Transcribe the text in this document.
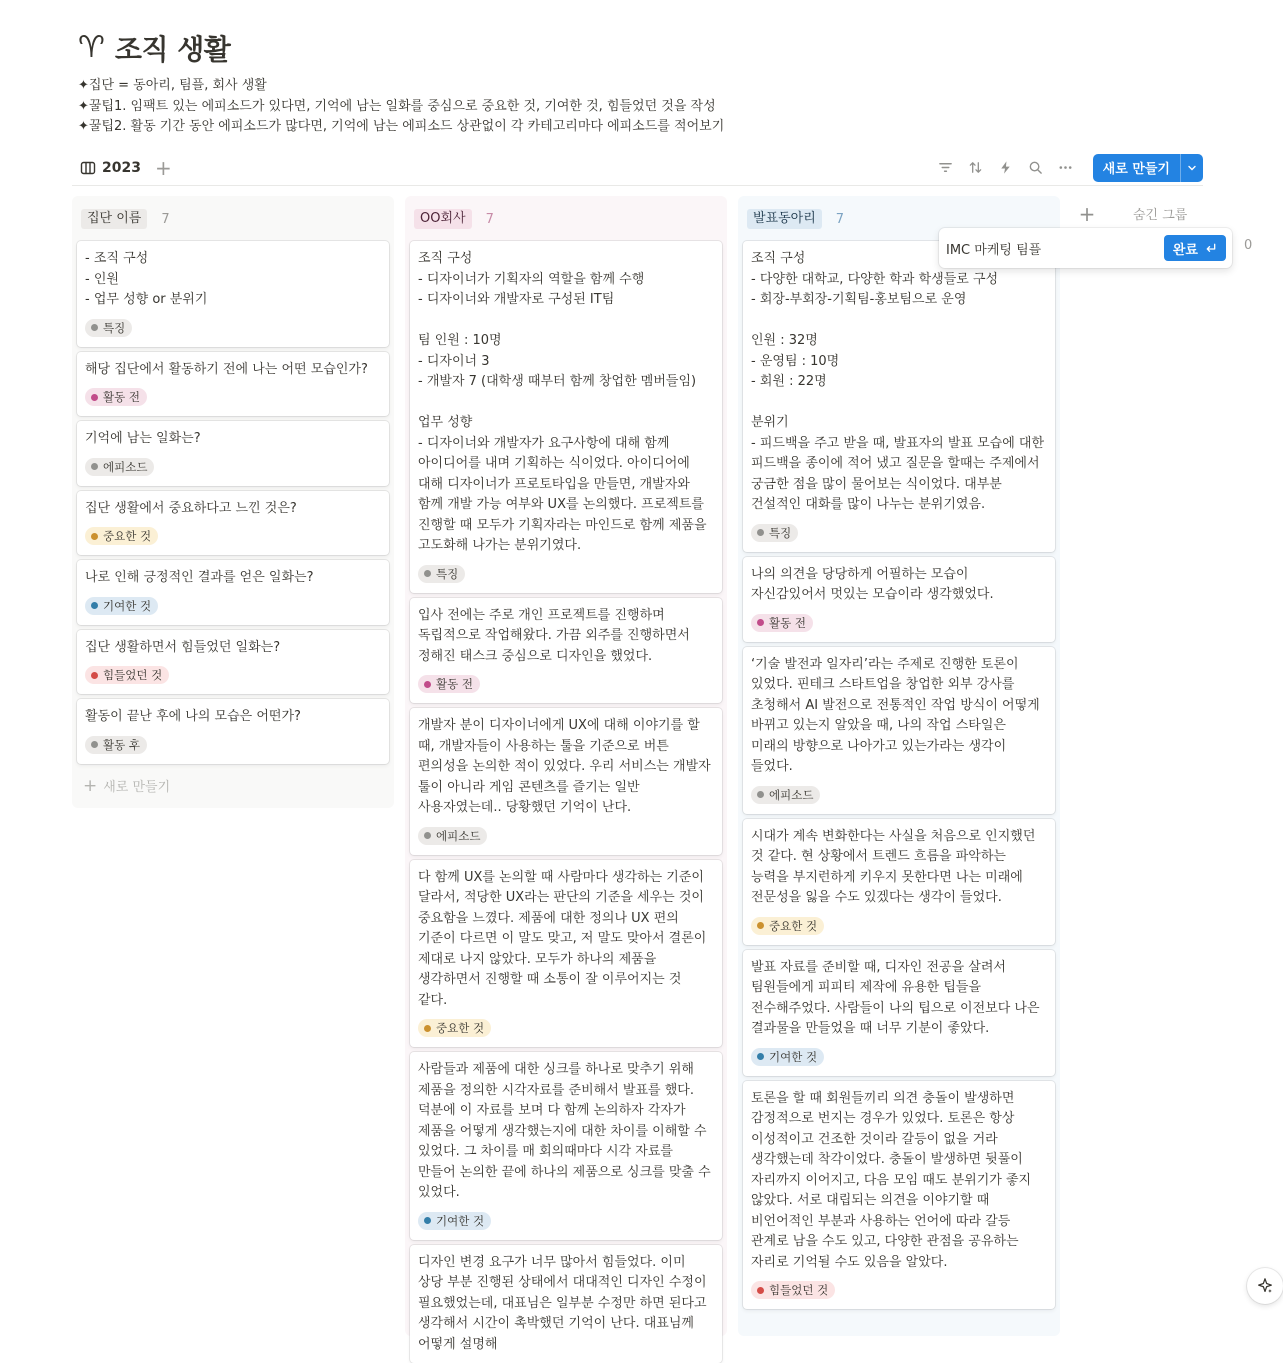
♈︎ 조직 생활
✦집단 = 동아리, 팀플, 회사 생활
✦꿀팁1. 임팩트 있는 에피소드가 있다면, 기억에 남는 일화를 중심으로 중요한 것, 기여한 것, 힘들었던 것을 작성
✦꿀팁2. 활동 기간 동안 에피소드가 많다면, 기억에 남는 에피소드 상관없이 각 카테고리마다 에피소드를 적어보기
2023 +	새로 만들기
집단 이름	7
- 조직 구성
- 인원
- 업무 성향 or 분위기
특징
해당 집단에서 활동하기 전에 나는 어떤 모습인가?
활동 전
기억에 남는 일화는?
에피소드
집단 생활에서 중요하다고 느낀 것은?
중요한 것
나로 인해 긍정적인 결과를 얻은 일화는?
기여한 것
집단 생활하면서 힘들었던 일화는?
힘들었던 것
활동이 끝난 후에 나의 모습은 어떤가?
활동 후
+ 새로 만들기
OO회사	7
조직 구성
- 디자이너가 기획자의 역할을 함께 수행
- 디자이너와 개발자로 구성된 IT팀

팀 인원 : 10명
- 디자이너 3
- 개발자 7 (대학생 때부터 함께 창업한 멤버들임)

업무 성향
- 디자이너와 개발자가 요구사항에 대해 함께 아이디어를 내며 기획하는 식이었다. 아이디어에 대해 디자이너가 프로토타입을 만들면, 개발자와 함께 개발 가능 여부와 UX를 논의했다. 프로젝트를 진행할 때 모두가 기획자라는 마인드로 함께 제품을 고도화해 나가는 분위기였다.
특징
입사 전에는 주로 개인 프로젝트를 진행하며 독립적으로 작업해왔다. 가끔 외주를 진행하면서 정해진 태스크 중심으로 디자인을 했었다.
활동 전
개발자 분이 디자이너에게 UX에 대해 이야기를 할 때, 개발자들이 사용하는 툴을 기준으로 버튼 편의성을 논의한 적이 있었다. 우리 서비스는 개발자 툴이 아니라 게임 콘텐츠를 즐기는 일반 사용자였는데.. 당황했던 기억이 난다.
에피소드
다 함께 UX를 논의할 때 사람마다 생각하는 기준이 달라서, 적당한 UX라는 판단의 기준을 세우는 것이 중요함을 느꼈다. 제품에 대한 정의나 UX 편의 기준이 다르면 이 말도 맞고, 저 말도 맞아서 결론이 제대로 나지 않았다. 모두가 하나의 제품을 생각하면서 진행할 때 소통이 잘 이루어지는 것 같다.
중요한 것
사람들과 제품에 대한 싱크를 하나로 맞추기 위해 제품을 정의한 시각자료를 준비해서 발표를 했다. 덕분에 이 자료를 보며 다 함께 논의하자 각자가 제품을 어떻게 생각했는지에 대한 차이를 이해할 수 있었다. 그 차이를 매 회의때마다 시각 자료를 만들어 논의한 끝에 하나의 제품으로 싱크를 맞출 수 있었다.
기여한 것
디자인 변경 요구가 너무 많아서 힘들었다. 이미 상당 부분 진행된 상태에서 대대적인 디자인 수정이 필요했었는데, 대표님은 일부분 수정만 하면 된다고 생각해서 시간이 촉박했던 기억이 난다. 대표님께 어떻게 설명해
발표동아리	7
조직 구성
- 다양한 대학교, 다양한 학과 학생들로 구성
- 회장-부회장-기획팀-홍보팀으로 운영

인원 : 32명
- 운영팀 : 10명
- 회원 : 22명

분위기
- 피드백을 주고 받을 때, 발표자의 발표 모습에 대한 피드백을 종이에 적어 냈고 질문을 할때는 주제에서 궁금한 점을 많이 물어보는 식이었다. 대부분 건설적인 대화를 많이 나누는 분위기였음.
특징
나의 의견을 당당하게 어필하는 모습이 자신감있어서 멋있는 모습이라 생각했었다.
활동 전
‘기술 발전과 일자리’라는 주제로 진행한 토론이 있었다. 핀테크 스타트업을 창업한 외부 강사를 초청해서 AI 발전으로 전통적인 작업 방식이 어떻게 바뀌고 있는지 알았을 때, 나의 작업 스타일은 미래의 방향으로 나아가고 있는가라는 생각이 들었다.
에피소드
시대가 계속 변화한다는 사실을 처음으로 인지했던 것 같다. 현 상황에서 트렌드 흐름을 파악하는 능력을 부지런하게 키우지 못한다면 나는 미래에 전문성을 잃을 수도 있겠다는 생각이 들었다.
중요한 것
발표 자료를 준비할 때, 디자인 전공을 살려서 팀원들에게 피피티 제작에 유용한 팁들을 전수해주었다. 사람들이 나의 팁으로 이전보다 나은 결과물을 만들었을 때 너무 기분이 좋았다.
기여한 것
토론을 할 때 회원들끼리 의견 충돌이 발생하면 감정적으로 번지는 경우가 있었다. 토론은 항상 이성적이고 건조한 것이라 갈등이 없을 거라 생각했는데 착각이었다. 충돌이 발생하면 뒷풀이 자리까지 이어지고, 다음 모임 때도 분위기가 좋지 않았다. 서로 대립되는 의견을 이야기할 때 비언어적인 부분과 사용하는 언어에 따라 갈등 관계로 남을 수도 있고, 다양한 관점을 공유하는 자리로 기억될 수도 있음을 알았다.
힘들었던 것
+	숨긴 그룹
0
IMC 마케팅 팀플	완료
